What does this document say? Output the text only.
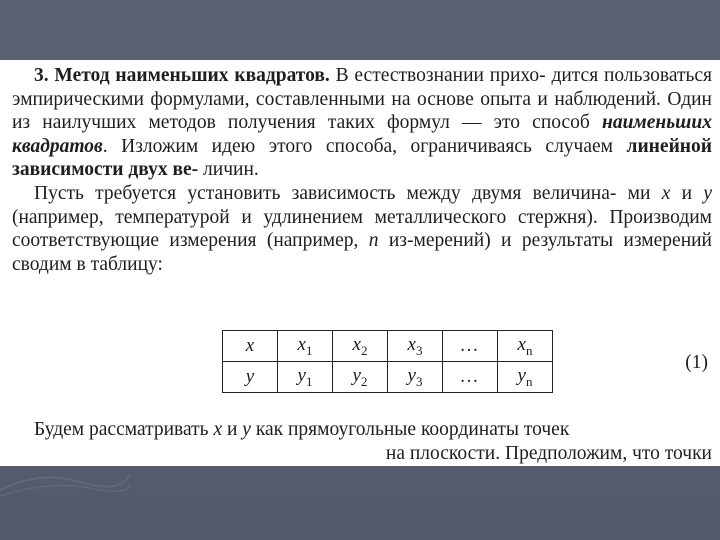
3. Метод наименьших квадратов. В естествознании прихо- дится пользоваться эмпирическими формулами, составленными на основе опыта и наблюдений. Один из наилучших методов получения таких формул — это способ наименьших квадратов. Изложим идею этого способа, ограничиваясь случаем линейной зависимости двух ве- личин.

Пусть требуется установить зависимость между двумя величина- ми x и y (например, температурой и удлинением металлического стержня). Производим соответствующие измерения (например, n из-мерений) и результаты измерений сводим в таблицу:

x	$x_1$	$x_2$	$x_3$	…	$x_n$
y	$y_1$	$y_2$	$y_3$	…	$y_n$
(1)
Будем рассматривать x и y как прямоугольные координаты точек
на плоскости. Предположим, что точки
